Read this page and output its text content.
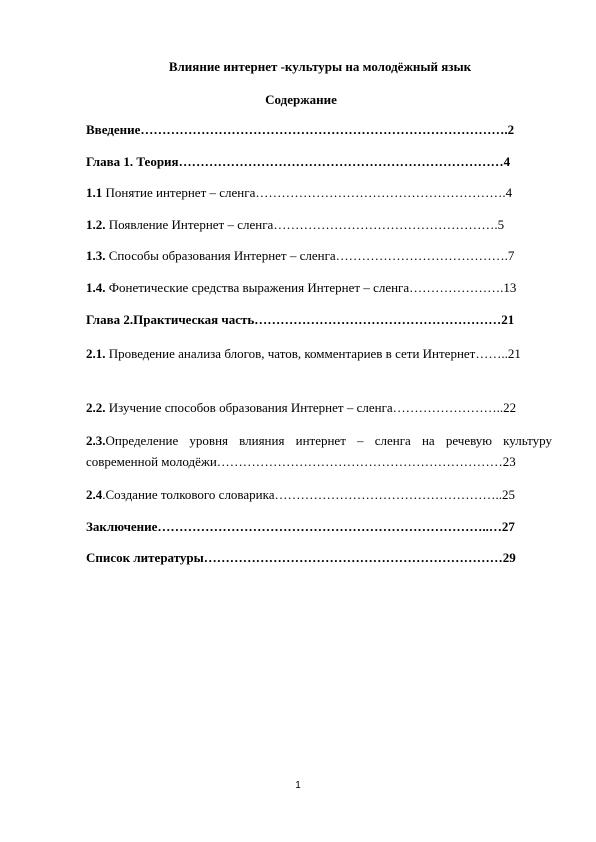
Влияние интернет -культуры на молодёжный язык
Содержание
Введение………………………………………………………………………….2
Глава 1. Теория…………………………………………………………………4
1.1 Понятие интернет – сленга………………………………………………….4
1.2. Появление Интернет – сленга…………………………………………….5
1.3. Способы образования Интернет – сленга………………………………….7
1.4. Фонетические средства выражения Интернет – сленга………………….13
Глава 2.Практическая часть…………………………………………………21
2.1. Проведение анализа блогов, чатов, комментариев в сети Интернет……..21
2.2. Изучение способов образования Интернет – сленга……………………..22
2.3.Определение уровня влияния интернет – сленга на речевую культуру современной молодёжи…………………………………………………………23
2.4.Создание толкового словарика……………………………………………..25
Заключение…………………………………………………………………..…27
Список литературы……………………………………………………………29
1
